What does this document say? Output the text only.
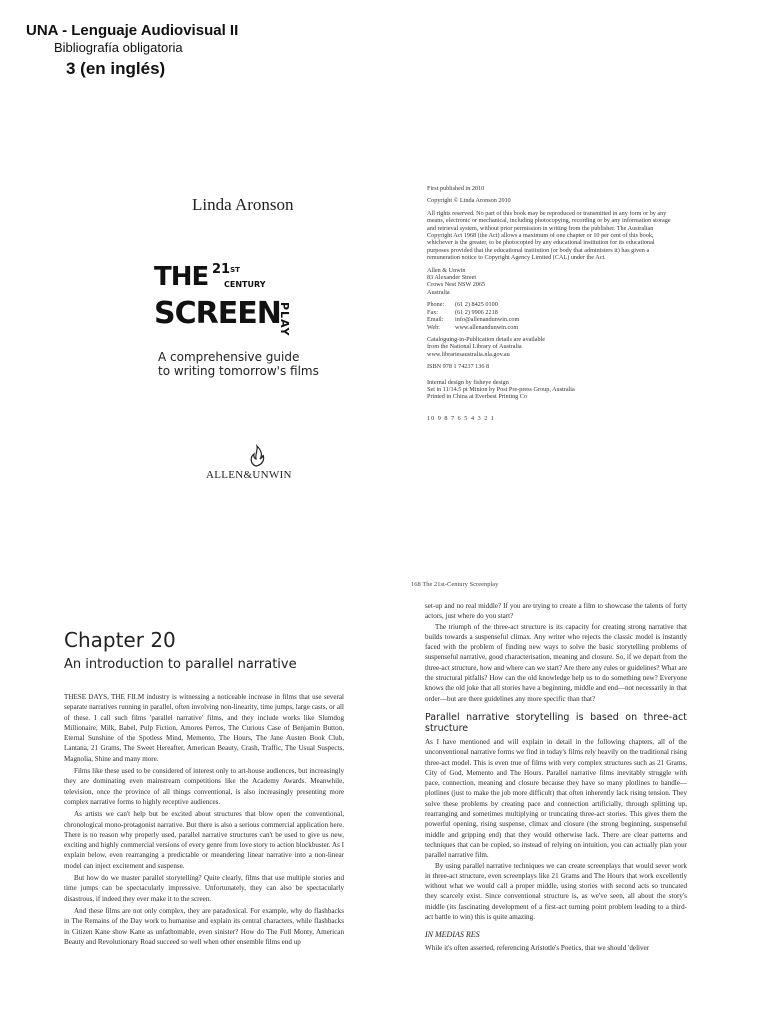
UNA - Lenguaje Audiovisual II
Bibliografía obligatoria
3 (en inglés)
Linda Aronson
THE 21ST
CENTURY
SCREEN
PLAY
A comprehensive guide
to writing tomorrow's films
ALLEN&UNWIN

First published in 2010

Copyright © Linda Aronson 2010

All rights reserved. No part of this book may be reproduced or transmitted in any form or by any means, electronic or mechanical, including photocopying, recording or by any information storage and retrieval system, without prior permission in writing from the publisher. The Australian Copyright Act 1968 (the Act) allows a maximum of one chapter or 10 per cent of this book, whichever is the greater, to be photocopied by any educational institution for its educational purposes provided that the educational institution (or body that administers it) has given a remuneration notice to Copyright Agency Limited (CAL) under the Act.

Allen & Unwin
83 Alexander Street
Crows Nest NSW 2065
Australia

Phone:	(61 2) 8425 0100
Fax:	(61 2) 9906 2218
Email:	info@allenandunwin.com
Web:	www.allenandunwin.com

Cataloguing-in-Publication details are available
from the National Library of Australia
www.librariesaustralia.nla.gov.au

ISBN 978 1 74237 136 8

Internal design by fisheye design
Set in 11/14.5 pt Minion by Post Pre-press Group, Australia
Printed in China at Everbest Printing Co

10 9 8 7 6 5 4 3 2 1

Chapter 20
An introduction to parallel narrative

THESE DAYS, THE FILM industry is witnessing a noticeable increase in films that use several separate narratives running in parallel, often involving non-linearity, time jumps, large casts, or all of these. I call such films 'parallel narrative' films, and they include works like Slumdog Millionaire, Milk, Babel, Pulp Fiction, Amores Perros, The Curious Case of Benjamin Button, Eternal Sunshine of the Spotless Mind, Memento, The Hours, The Jane Austen Book Club, Lantana, 21 Grams, The Sweet Hereafter, American Beauty, Crash, Traffic, The Usual Suspects, Magnolia, Shine and many more.

Films like these used to be considered of interest only to art-house audiences, but increasingly they are dominating even mainstream competitions like the Academy Awards. Meanwhile, television, once the province of all things conventional, is also increasingly presenting more complex narrative forms to highly receptive audiences.

As artists we can't help but be excited about structures that blow open the conventional, chronological mono-protagonist narrative. But there is also a serious commercial application here. There is no reason why properly used, parallel narrative structures can't be used to give us new, exciting and highly commercial versions of every genre from love story to action blockbuster. As I explain below, even rearranging a predictable or meandering linear narrative into a non-linear model can inject excitement and suspense.

But how do we master parallel storytelling? Quite clearly, films that use multiple stories and time jumps can be spectacularly impressive. Unfortunately, they can also be spectacularly disastrous, if indeed they ever make it to the screen.

And these films are not only complex, they are paradoxical. For example, why do flashbacks in The Remains of the Day work to humanise and explain its central characters, while flashbacks in Citizen Kane show Kane as unfathomable, even sinister? How do The Full Monty, American Beauty and Revolutionary Road succeed so well when other ensemble films end up

168 The 21st-Century Screenplay

set-up and no real middle? If you are trying to create a film to showcase the talents of forty actors, just where do you start?

The triumph of the three-act structure is its capacity for creating strong narrative that builds towards a suspenseful climax. Any writer who rejects the classic model is instantly faced with the problem of finding new ways to solve the basic storytelling problems of suspenseful narrative, good characterisation, meaning and closure. So, if we depart from the three-act structure, how and where can we start? Are there any rules or guidelines? What are the structural pitfalls? How can the old knowledge help us to do something new? Everyone knows the old joke that all stories have a beginning, middle and end—not necessarily in that order—but are there guidelines any more specific than that?

Parallel narrative storytelling is based on three-act structure

As I have mentioned and will explain in detail in the following chapters, all of the unconventional narrative forms we find in today's films rely heavily on the traditional rising three-act model. This is even true of films with very complex structures such as 21 Grams, City of God, Memento and The Hours. Parallel narrative films inevitably struggle with pace, connection, meaning and closure because they have so many plotlines to handle—plotlines (just to make the job more difficult) that often inherently lack rising tension. They solve these problems by creating pace and connection artificially, through splitting up, rearranging and sometimes multiplying or truncating three-act stories. This gives them the powerful opening, rising suspense, climax and closure (the strong beginning, suspenseful middle and gripping end) that they would otherwise lack. There are clear patterns and techniques that can be copied, so instead of relying on intuition, you can actually plan your parallel narrative film.

By using parallel narrative techniques we can create screenplays that would sever work in three-act structure, even screenplays like 21 Grams and The Hours that work excellently without what we would call a proper middle, using stories with second acts so truncated they scarcely exist. Since conventional structure is, as we've seen, all about the story's middle (its fascinating development of a first-act turning point problem leading to a third-act battle to win) this is quite amazing.

IN MEDIAS RES

While it's often asserted, referencing Aristotle's Poetics, that we should 'deliver
